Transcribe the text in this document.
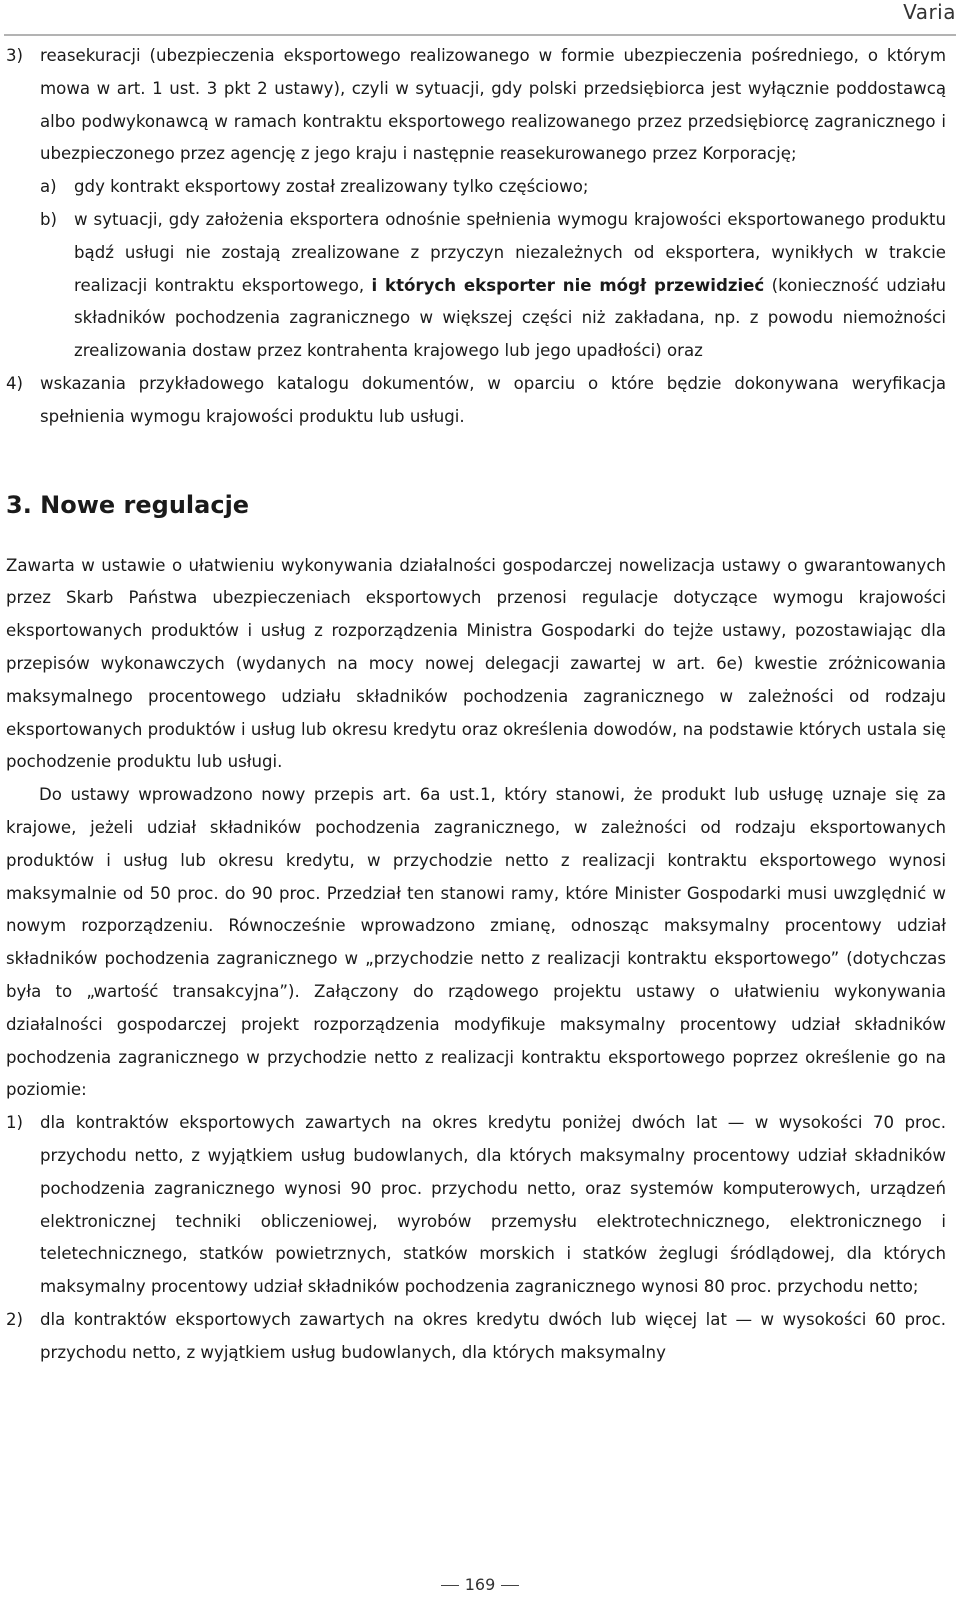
Varia
3) reasekuracji (ubezpieczenia eksportowego realizowanego w formie ubezpieczenia pośredniego, o którym mowa w art. 1 ust. 3 pkt 2 ustawy), czyli w sytuacji, gdy polski przedsiębiorca jest wyłącznie poddostawcą albo podwykonawcą w ramach kontraktu eksportowego realizowanego przez przedsiębiorcę zagranicznego i ubezpieczonego przez agencję z jego kraju i następnie reasekurowanego przez Korporację;
a) gdy kontrakt eksportowy został zrealizowany tylko częściowo;
b) w sytuacji, gdy założenia eksportera odnośnie spełnienia wymogu krajowości eksportowanego produktu bądź usługi nie zostają zrealizowane z przyczyn niezależnych od eksportera, wynikłych w trakcie realizacji kontraktu eksportowego, i których eksporter nie mógł przewidzieć (konieczność udziału składników pochodzenia zagranicznego w większej części niż zakładana, np. z powodu niemożności zrealizowania dostaw przez kontrahenta krajowego lub jego upadłości) oraz
4) wskazania przykładowego katalogu dokumentów, w oparciu o które będzie dokonywana weryfikacja spełnienia wymogu krajowości produktu lub usługi.
3. Nowe regulacje
Zawarta w ustawie o ułatwieniu wykonywania działalności gospodarczej nowelizacja ustawy o gwarantowanych przez Skarb Państwa ubezpieczeniach eksportowych przenosi regulacje dotyczące wymogu krajowości eksportowanych produktów i usług z rozporządzenia Ministra Gospodarki do tejże ustawy, pozostawiając dla przepisów wykonawczych (wydanych na mocy nowej delegacji zawartej w art. 6e) kwestie zróżnicowania maksymalnego procentowego udziału składników pochodzenia zagranicznego w zależności od rodzaju eksportowanych produktów i usług lub okresu kredytu oraz określenia dowodów, na podstawie których ustala się pochodzenie produktu lub usługi.
Do ustawy wprowadzono nowy przepis art. 6a ust.1, który stanowi, że produkt lub usługę uznaje się za krajowe, jeżeli udział składników pochodzenia zagranicznego, w zależności od rodzaju eksportowanych produktów i usług lub okresu kredytu, w przychodzie netto z realizacji kontraktu eksportowego wynosi maksymalnie od 50 proc. do 90 proc. Przedział ten stanowi ramy, które Minister Gospodarki musi uwzględnić w nowym rozporządzeniu. Równocześnie wprowadzono zmianę, odnosząc maksymalny procentowy udział składników pochodzenia zagranicznego w „przychodzie netto z realizacji kontraktu eksportowego” (dotychczas była to „wartość transakcyjna”). Załączony do rządowego projektu ustawy o ułatwieniu wykonywania działalności gospodarczej projekt rozporządzenia modyfikuje maksymalny procentowy udział składników pochodzenia zagranicznego w przychodzie netto z realizacji kontraktu eksportowego poprzez określenie go na poziomie:
1) dla kontraktów eksportowych zawartych na okres kredytu poniżej dwóch lat — w wysokości 70 proc. przychodu netto, z wyjątkiem usług budowlanych, dla których maksymalny procentowy udział składników pochodzenia zagranicznego wynosi 90 proc. przychodu netto, oraz systemów komputerowych, urządzeń elektronicznej techniki obliczeniowej, wyrobów przemysłu elektrotechnicznego, elektronicznego i teletechnicznego, statków powietrznych, statków morskich i statków żeglugi śródlądowej, dla których maksymalny procentowy udział składników pochodzenia zagranicznego wynosi 80 proc. przychodu netto;
2) dla kontraktów eksportowych zawartych na okres kredytu dwóch lub więcej lat — w wysokości 60 proc. przychodu netto, z wyjątkiem usług budowlanych, dla których maksymalny
169
